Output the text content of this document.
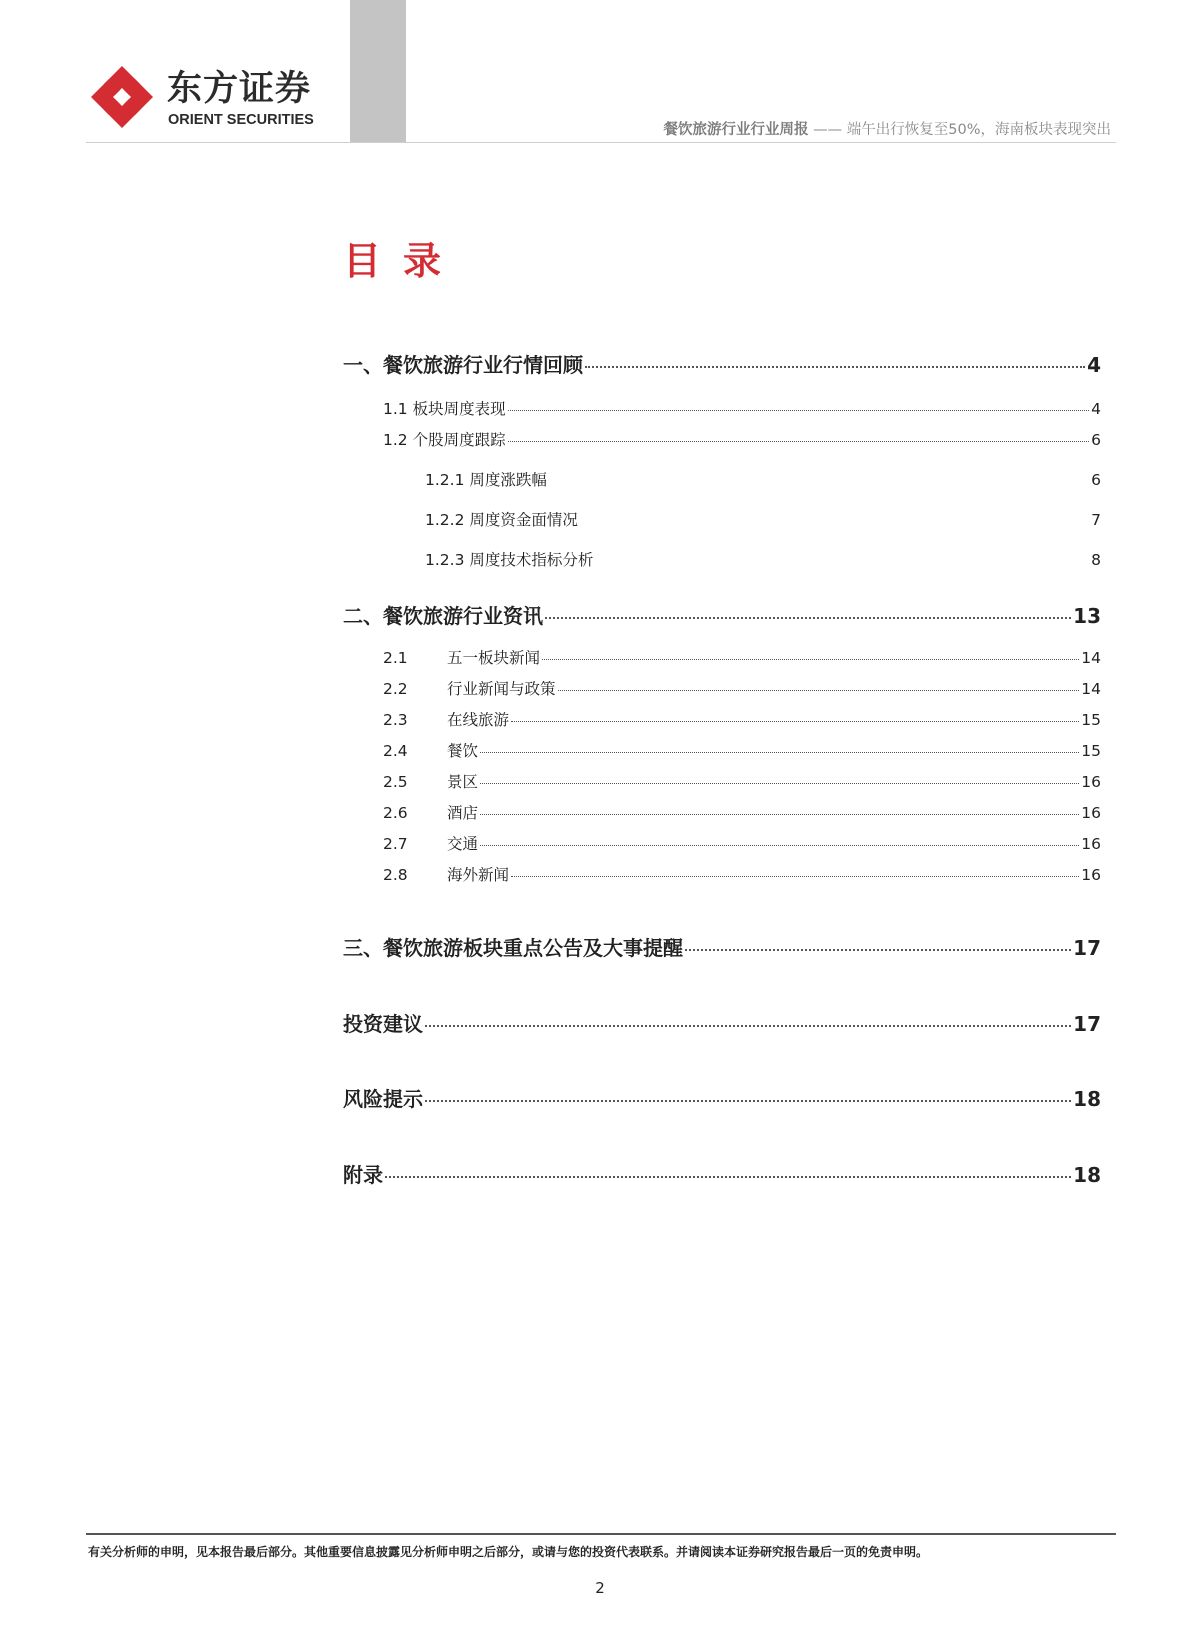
东方证券
ORIENT SECURITIES
餐饮旅游行业行业周报 —— 端午出行恢复至50%，海南板块表现突出
目录
一、餐饮旅游行业行情回顾	4
1.1 板块周度表现	4
1.2 个股周度跟踪	6
1.2.1 周度涨跌幅	6
1.2.2 周度资金面情况	7
1.2.3 周度技术指标分析	8
二、餐饮旅游行业资讯	13
2.1	五一板块新闻	14
2.2	行业新闻与政策	14
2.3	在线旅游	15
2.4	餐饮	15
2.5	景区	16
2.6	酒店	16
2.7	交通	16
2.8	海外新闻	16
三、餐饮旅游板块重点公告及大事提醒	17
投资建议	17
风险提示	18
附录	18
有关分析师的申明，见本报告最后部分。其他重要信息披露见分析师申明之后部分，或请与您的投资代表联系。并请阅读本证券研究报告最后一页的免责申明。
2
